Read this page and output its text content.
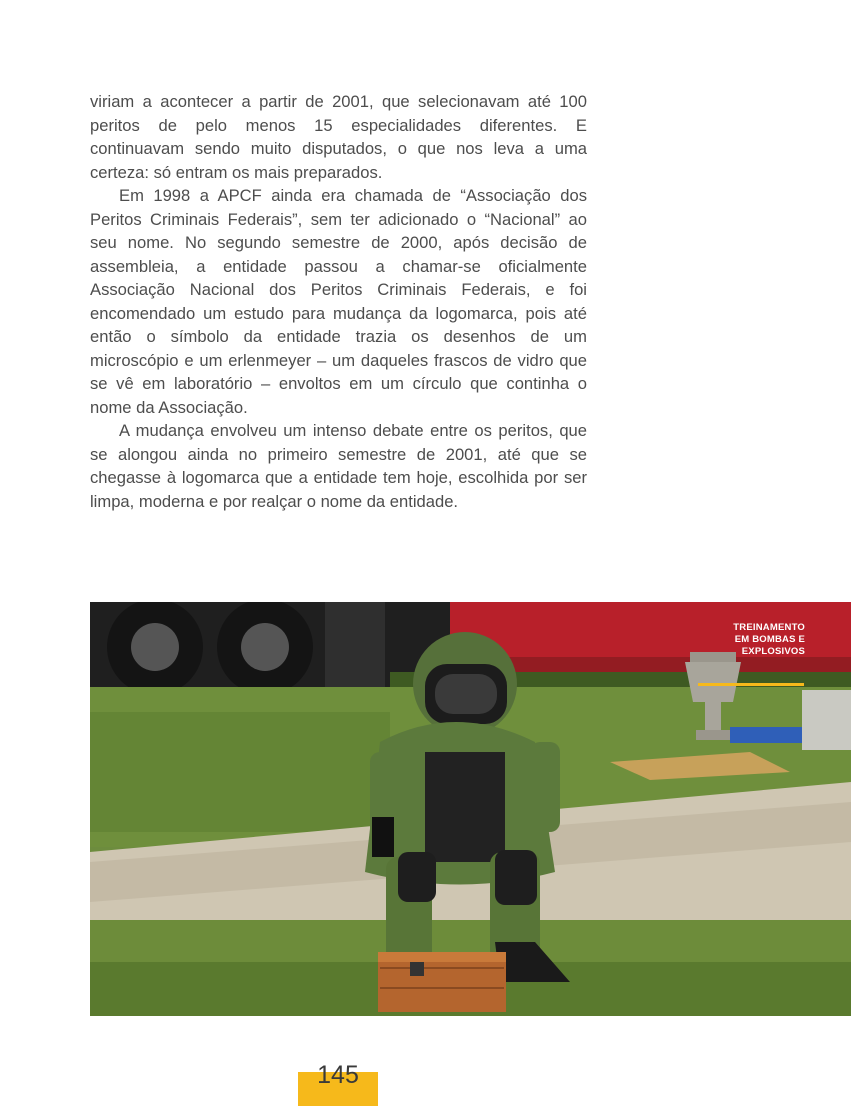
viriam a acontecer a partir de 2001, que selecionavam até 100 peritos de pelo menos 15 especialidades diferentes. E continuavam sendo muito disputados, o que nos leva a uma certeza: só entram os mais preparados.

Em 1998 a APCF ainda era chamada de “Associação dos Peritos Criminais Federais”, sem ter adicionado o “Nacional” ao seu nome. No segundo semestre de 2000, após decisão de assembleia, a entidade passou a chamar-se oficialmente Associação Nacional dos Peritos Criminais Federais, e foi encomendado um estudo para mudança da logomarca, pois até então o símbolo da entidade trazia os desenhos de um microscópio e um erlenmeyer – um daqueles frascos de vidro que se vê em laboratório – envoltos em um círculo que continha o nome da Associação.

A mudança envolveu um intenso debate entre os peritos, que se alongou ainda no primeiro semestre de 2001, até que se chegasse à logomarca que a entidade tem hoje, escolhida por ser limpa, moderna e por realçar o nome da entidade.

TREINAMENTO
EM BOMBAS E
EXPLOSIVOS
145
